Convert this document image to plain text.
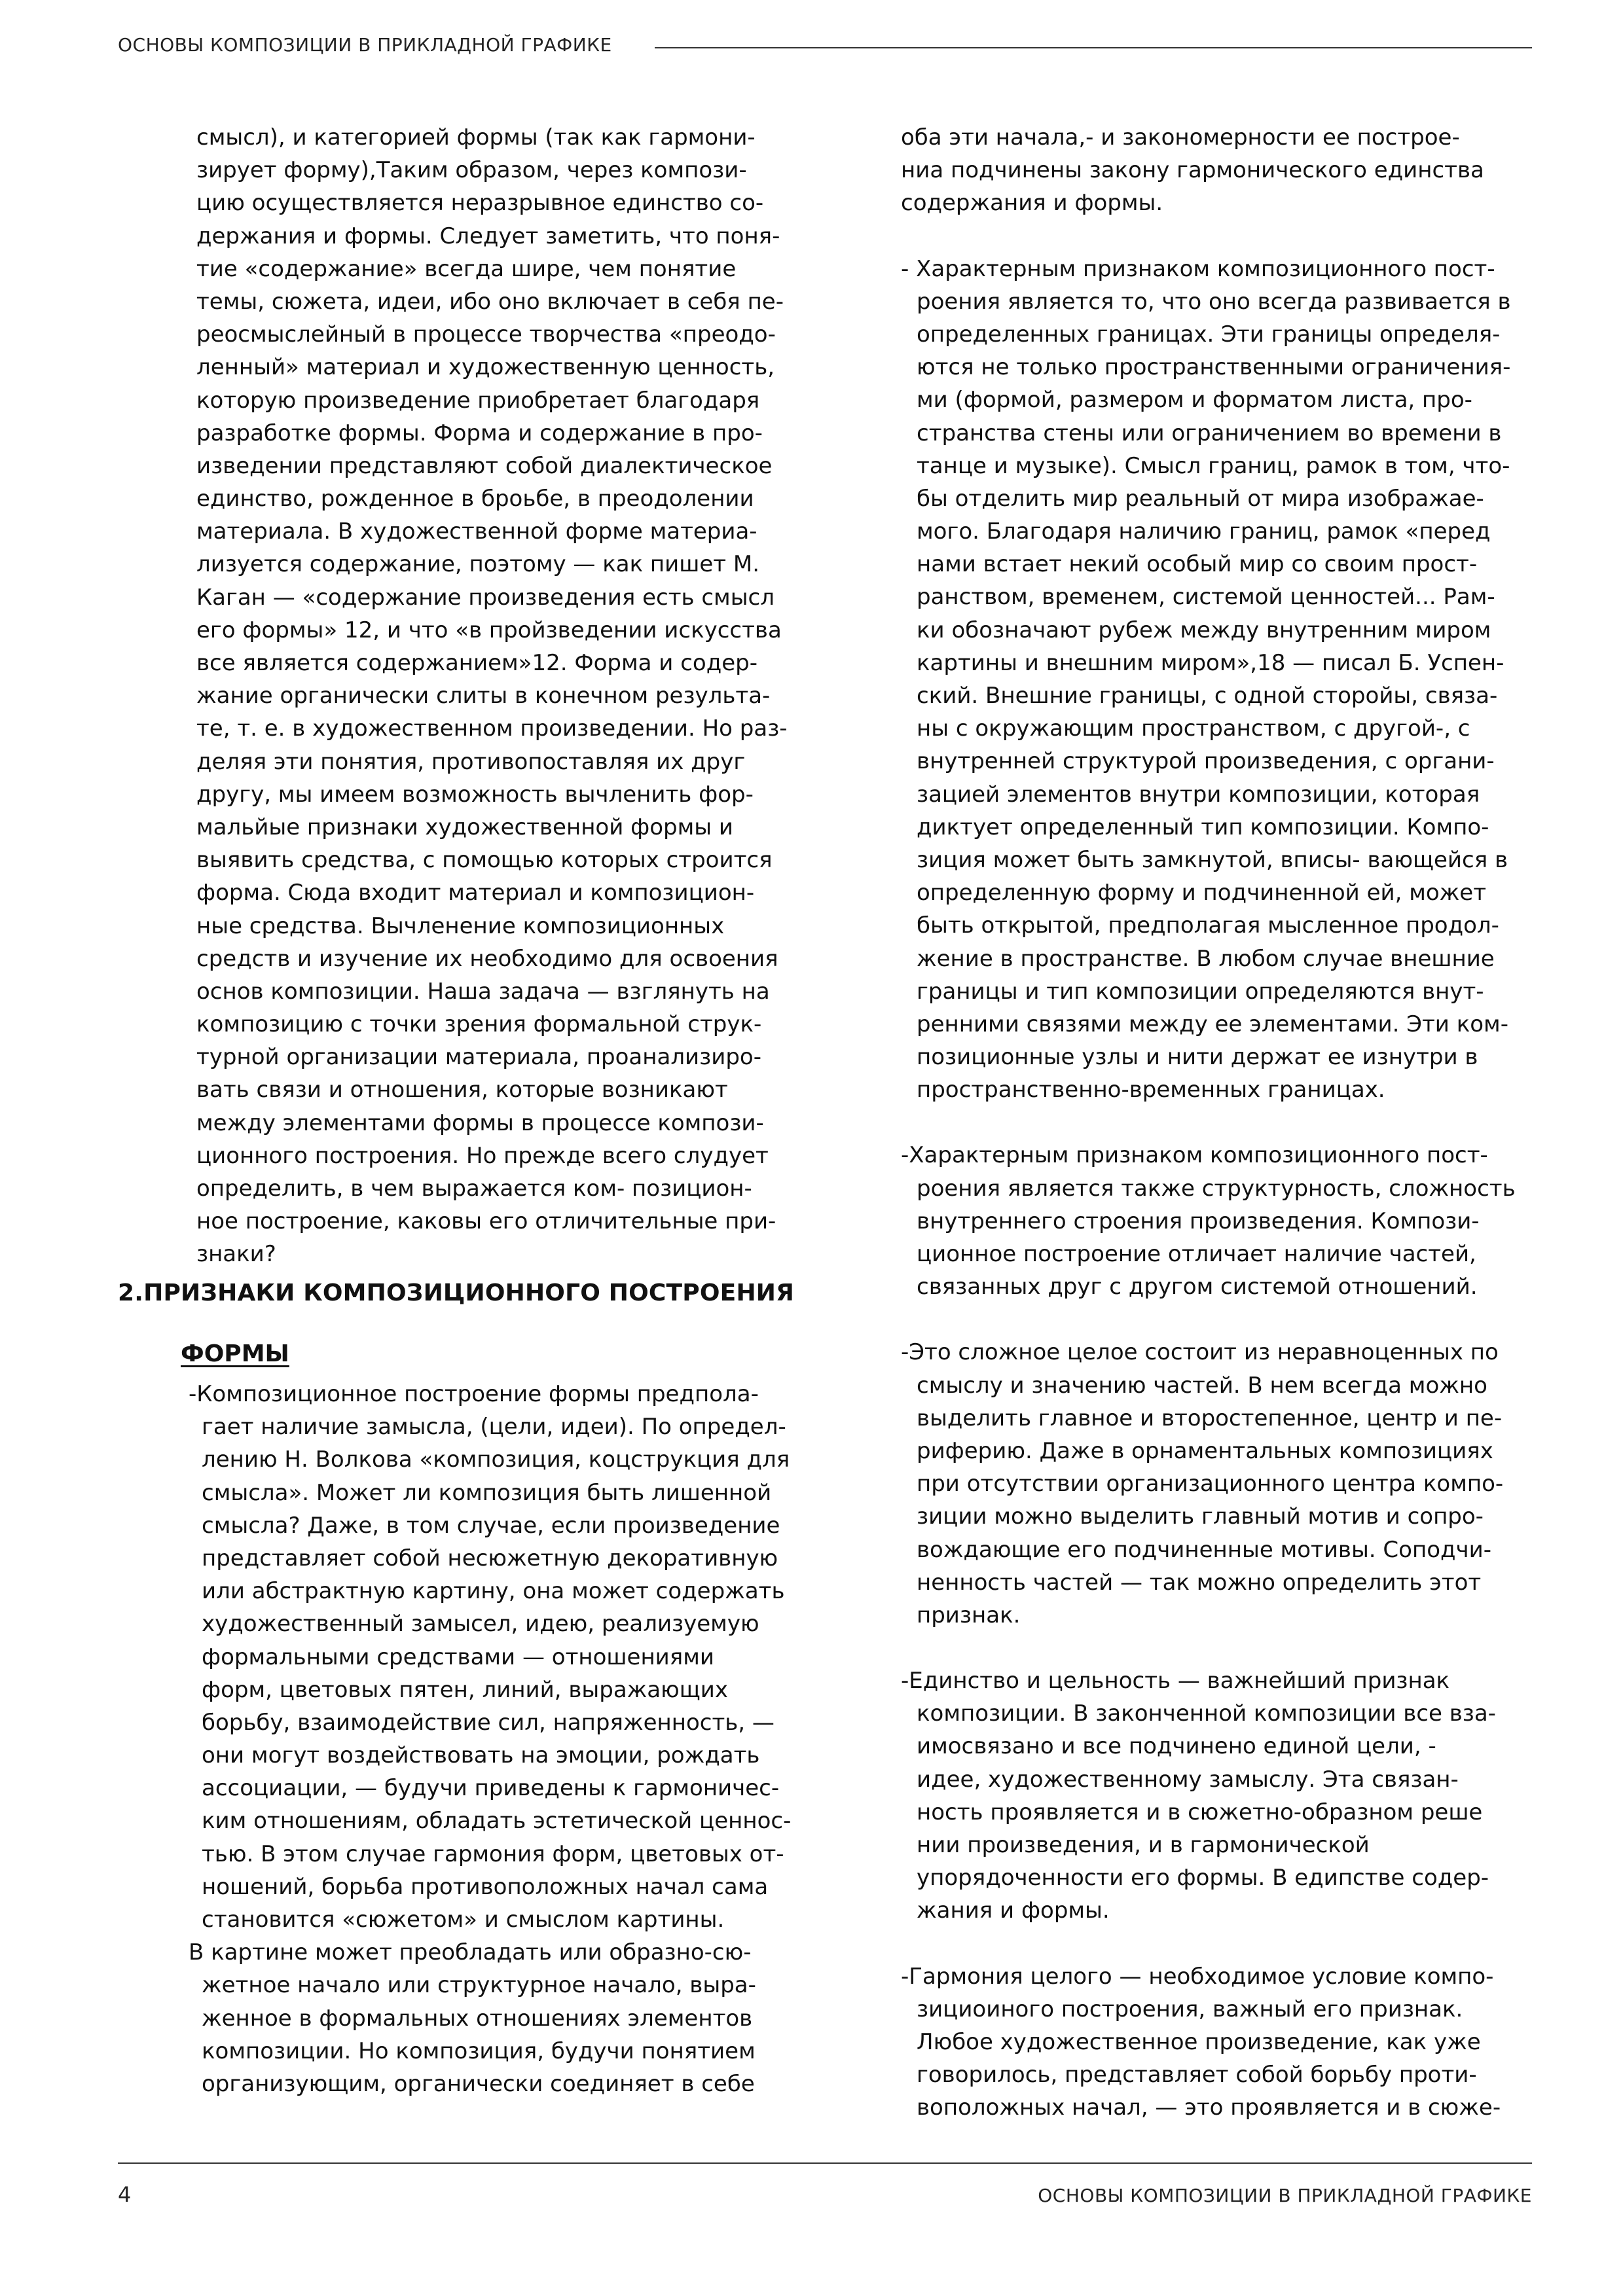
ОСНОВЫ КОМПОЗИЦИИ В ПРИКЛАДНОЙ ГРАФИКЕ
смысл), и категорией формы (так как гармони-
зирует форму),Таким образом, через компози-
цию осуществляется неразрывное единство со-
держания и формы. Следует заметить, что поня-
тие «содержание» всегда шире, чем понятие
темы, сюжета, идеи, ибо оно включает в себя пе-
реосмыслейный в процессе творчества «преодо-
ленный» материал и художественную ценность,
которую произведение приобретает благодаря
разработке формы. Форма и содержание в про-
изведении представляют собой диалектическое
единство, рожденное в броьбе, в преодолении
материала. В художественной форме материа-
лизуется содержание, поэтому — как пишет М.
Каган — «содержание произведения есть смысл
его формы» 12, и что «в пройзведении искусства
все является содержанием»12. Форма и содер-
жание органически слиты в конечном результа-
те, т. е. в художественном произведении. Но раз-
деляя эти понятия, противопоставляя их друг
другу, мы имеем возможность вычленить фор-
мальйые признаки художественной формы и
выявить средства, с помощью которых строится
форма. Сюда входит материал и композицион-
ные средства. Вычленение композиционных
средств и изучение их необходимо для освоения
основ композиции. Наша задача — взглянуть на
композицию с точки зрения формальной струк-
турной организации материала, проанализиро-
вать связи и отношения, которые возникают
между элементами формы в процессе компози-
ционного построения. Но прежде всего слудует
определить, в чем выражается ком- позицион-
ное построение, каковы его отличительные при-
знаки?
2.ПРИЗНАКИ КОМПОЗИЦИОННОГО ПОСТРОЕНИЯ
ФОРМЫ
-Композиционное построение формы предпола-
гает наличие замысла, (цели, идеи). По определ-
лению Н. Волкова «композиция, коцструкция для
смысла». Может ли композиция быть лишенной
смысла? Даже, в том случае, если произведение
представляет собой несюжетную декоративную
или абстрактную картину, она может содержать
художественный замысел, идею, реализуемую
формальными средствами — отношениями
форм, цветовых пятен, линий, выражающих
борьбу, взаимодействие сил, напряженность, —
они могут воздействовать на эмоции, рождать
ассоциации, — будучи приведены к гармоничес-
ким отношениям, обладать эстетической ценнос-
тью. В этом случае гармония форм, цветовых от-
ношений, борьба противоположных начал сама
становится «сюжетом» и смыслом картины.
В картине может преобладать или образно-сю-
жетное начало или структурное начало, выра-
женное в формальных отношениях элементов
композиции. Но композиция, будучи понятием
организующим, органически соединяет в себе
оба эти начала,- и закономерности ее построе-
ниа подчинены закону гармонического единства
содержания и формы.
- Характерным признаком композиционного пост-
роения является то, что оно всегда развивается в
определенных границах. Эти границы определя-
ются не только пространственными ограничения-
ми (формой, размером и форматом листа, про-
странства стены или ограничением во времени в
танце и музыке). Смысл границ, рамок в том, что-
бы отделить мир реальный от мира изображае-
мого. Благодаря наличию границ, рамок «перед
нами встает некий особый мир со своим прост-
ранством, временем, системой ценностей... Рам-
ки обозначают рубеж между внутренним миром
картины и внешним миром»,18 — писал Б. Успен-
ский. Внешние границы, с одной сторойы, связа-
ны с окружающим пространством, с другой-, с
внутренней структурой произведения, с органи-
зацией элементов внутри композиции, которая
диктует определенный тип композиции. Компо-
зиция может быть замкнутой, вписы- вающейся в
определенную форму и подчиненной ей, может
быть открытой, предполагая мысленное продол-
жение в пространстве. В любом случае внешние
границы и тип композиции определяются внут-
ренними связями между ее элементами. Эти ком-
позиционные узлы и нити держат ее изнутри в
пространственно-временных границах.
-Характерным признаком композиционного пост-
роения является также структурность, сложность
внутреннего строения произведения. Компози-
ционное построение отличает наличие частей,
связанных друг с другом системой отношений.
-Это сложное целое состоит из неравноценных по
смыслу и значению частей. В нем всегда можно
выделить главное и второстепенное, центр и пе-
риферию. Даже в орнаментальных композициях
при отсутствии организационного центра компо-
зиции можно выделить главный мотив и сопро-
вождающие его подчиненные мотивы. Соподчи-
ненность частей — так можно определить этот
признак.
-Единство и цельность — важнейший признак
композиции. В законченной композиции все вза-
имосвязано и все подчинено единой цели, -
идее, художественному замыслу. Эта связан-
ность проявляется и в сюжетно-образном реше
нии произведения, и в гармонической
упорядоченности его формы. В едипстве содер-
жания и формы.
-Гармония целого — необходимое условие компо-
зициоиного построения, важный его признак.
Любое художественное произведение, как уже
говорилось, представляет собой борьбу проти-
воположных начал, — это проявляется и в сюже-
4	ОСНОВЫ КОМПОЗИЦИИ В ПРИКЛАДНОЙ ГРАФИКЕ
